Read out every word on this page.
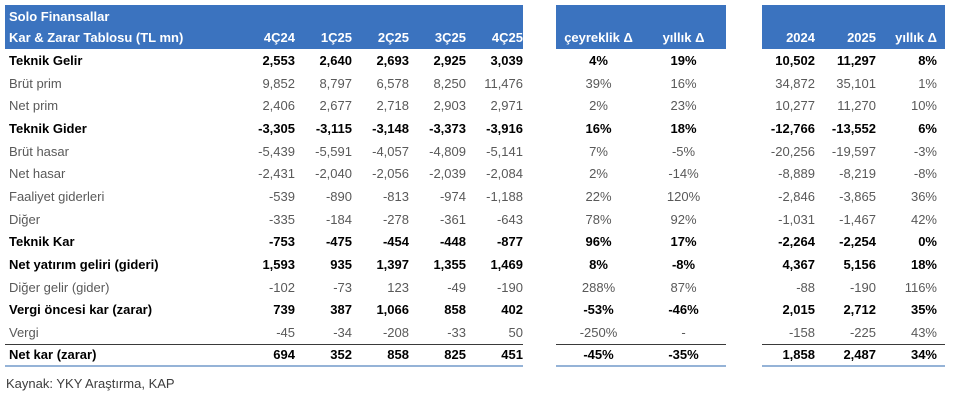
Solo Finansallar
Kar & Zarar Tablosu (TL mn)	4Ç24	1Ç25	2Ç25	3Ç25	4Ç25	çeyreklik Δ	yıllık Δ	2024	2025	yıllık Δ
Teknik Gelir	2,553	2,640	2,693	2,925	3,039	4%	19%	10,502	11,297	8%
Brüt prim	9,852	8,797	6,578	8,250	11,476	39%	16%	34,872	35,101	1%
Net prim	2,406	2,677	2,718	2,903	2,971	2%	23%	10,277	11,270	10%
Teknik Gider	-3,305	-3,115	-3,148	-3,373	-3,916	16%	18%	-12,766	-13,552	6%
Brüt hasar	-5,439	-5,591	-4,057	-4,809	-5,141	7%	-5%	-20,256	-19,597	-3%
Net hasar	-2,431	-2,040	-2,056	-2,039	-2,084	2%	-14%	-8,889	-8,219	-8%
Faaliyet giderleri	-539	-890	-813	-974	-1,188	22%	120%	-2,846	-3,865	36%
Diğer	-335	-184	-278	-361	-643	78%	92%	-1,031	-1,467	42%
Teknik Kar	-753	-475	-454	-448	-877	96%	17%	-2,264	-2,254	0%
Net yatırım geliri (gideri)	1,593	935	1,397	1,355	1,469	8%	-8%	4,367	5,156	18%
Diğer gelir (gider)	-102	-73	123	-49	-190	288%	87%	-88	-190	116%
Vergi öncesi kar (zarar)	739	387	1,066	858	402	-53%	-46%	2,015	2,712	35%
Vergi	-45	-34	-208	-33	50	-250%	-	-158	-225	43%
Net kar (zarar)	694	352	858	825	451	-45%	-35%	1,858	2,487	34%
Kaynak: YKY Araştırma, KAP
